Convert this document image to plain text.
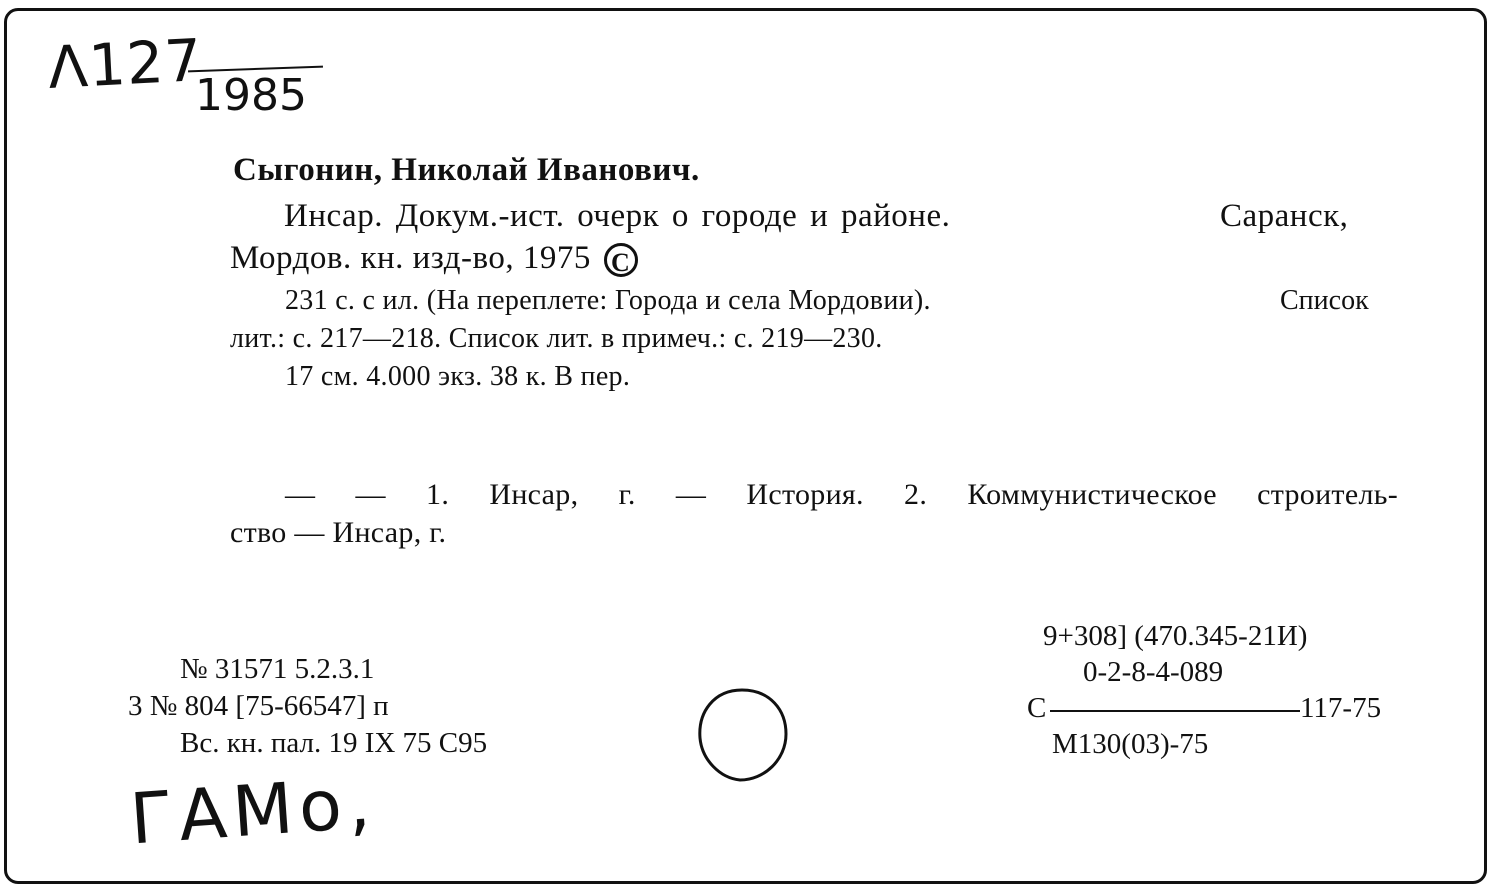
Λ127
1985
Сыгонин, Николай Иванович.
Инсар. Докум.-ист. очерк о городе и районе.	Саранск,
Мордов. кн. изд-во, 1975 C
231 с. с ил. (На переплете: Города и села Мордовии).	Список
лит.: с. 217—218. Список лит. в примеч.: с. 219—230.
17 см. 4.000 экз. 38 к. В пер.
— — 1. Инсар, г. — История. 2. Коммунистическое строитель-
ство — Инсар, г.
№ 31571 5.2.3.1
3 № 804 [75-66547] п
Вс. кн. пал. 19 IX 75 С95
9+308] (470.345-21И)
0-2-8-4-089
С	117-75
М130(03)-75
ГАМо,
